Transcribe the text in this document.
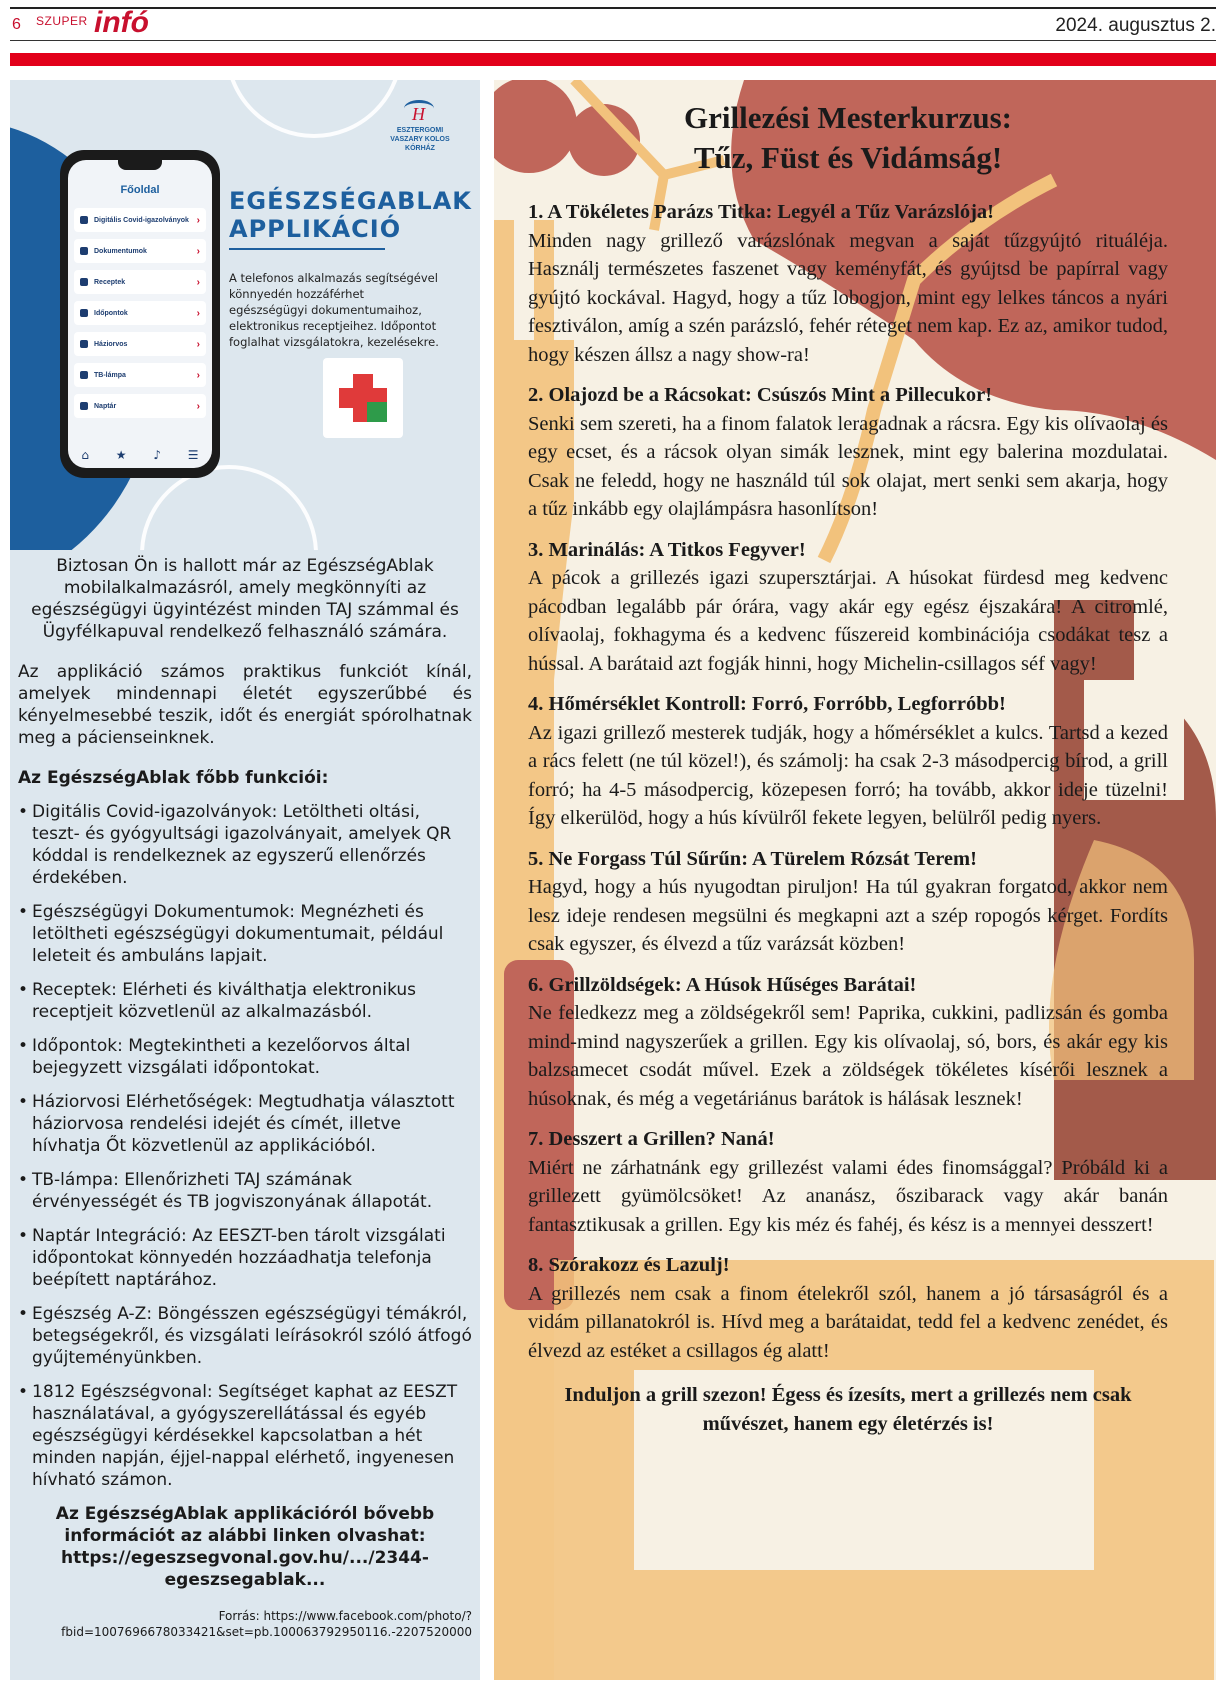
6 SZUPER infó	2024. augusztus 2.
Főoldal
Digitális Covid-igazolványok ›
Dokumentumok	›
Receptek	›
Időpontok	›
Háziorvos	›
TB-lámpa	›
Naptár	›
⌂ ★ ♪ ☰
H
ESZTERGOMI
VASZARY KOLOS
KÓRHÁZ
EGÉSZSÉGABLAK
APPLIKÁCIÓ
A telefonos alkalmazás segítségével könnyedén hozzáférhet egészségügyi dokumentumaihoz, elektronikus receptjeihez. Időpontot foglalhat vizsgálatokra, kezelésekre.

Biztosan Ön is hallott már az EgészségAblak mobilalkalmazásról, amely megkönnyíti az egészségügyi ügyintézést minden TAJ számmal és Ügyfélkapuval rendelkező felhasználó számára.

Az applikáció számos praktikus funkciót kínál, amelyek mindennapi életét egyszerűbbé és kényelmesebbé teszik, időt és energiát spórolhatnak meg a pácienseinknek.

Az EgészségAblak főbb funkciói:

• Digitális Covid-igazolványok: Letöltheti oltási, teszt- és gyógyultsági igazolványait, amelyek QR kóddal is rendelkeznek az egyszerű ellenőrzés érdekében.
• Egészségügyi Dokumentumok: Megnézheti és letöltheti egészségügyi dokumentumait, például leleteit és ambuláns lapjait.
• Receptek: Elérheti és kiválthatja elektronikus receptjeit közvetlenül az alkalmazásból.
• Időpontok: Megtekintheti a kezelőorvos által bejegyzett vizsgálati időpontokat.
• Háziorvosi Elérhetőségek: Megtudhatja választott háziorvosa rendelési idejét és címét, illetve hívhatja Őt közvetlenül az applikációból.
• TB-lámpa: Ellenőrizheti TAJ számának érvényességét és TB jogviszonyának állapotát.
• Naptár Integráció: Az EESZT-ben tárolt vizsgálati időpontokat könnyedén hozzáadhatja telefonja beépített naptárához.
• Egészség A-Z: Böngésszen egészségügyi témákról, betegségekről, és vizsgálati leírásokról szóló átfogó gyűjteményünkben.
• 1812 Egészségvonal: Segítséget kaphat az EESZT használatával, a gyógyszerellátással és egyéb egészségügyi kérdésekkel kapcsolatban a hét minden napján, éjjel-nappal elérhető, ingyenesen hívható számon.

Az EgészségAblak applikációról bővebb információt az alábbi linken olvashat: https://egeszsegvonal.gov.hu/.../2344-egeszsegablak...

Forrás: https://www.facebook.com/photo/?fbid=1007696678033421&set=pb.100063792950116.-2207520000
Grillezési Mesterkurzus:
Tűz, Füst és Vidámság!
1. A Tökéletes Parázs Titka: Legyél a Tűz Varázslója!
Minden nagy grillező varázslónak megvan a saját tűzgyújtó rituáléja. Használj természetes faszenet vagy keményfát, és gyújtsd be papírral vagy gyújtó kockával. Hagyd, hogy a tűz lobogjon, mint egy lelkes táncos a nyári fesztiválon, amíg a szén parázsló, fehér réteget nem kap. Ez az, amikor tudod, hogy készen állsz a nagy show-ra!
2. Olajozd be a Rácsokat: Csúszós Mint a Pillecukor!
Senki sem szereti, ha a finom falatok leragadnak a rácsra. Egy kis olívaolaj és egy ecset, és a rácsok olyan simák lesznek, mint egy balerina mozdulatai. Csak ne feledd, hogy ne használd túl sok olajat, mert senki sem akarja, hogy a tűz inkább egy olajlámpásra hasonlítson!
3. Marinálás: A Titkos Fegyver!
A pácok a grillezés igazi szupersztárjai. A húsokat fürdesd meg kedvenc pácodban legalább pár órára, vagy akár egy egész éjszakára! A citromlé, olívaolaj, fokhagyma és a kedvenc fűszereid kombinációja csodákat tesz a hússal. A barátaid azt fogják hinni, hogy Michelin-csillagos séf vagy!
4. Hőmérséklet Kontroll: Forró, Forróbb, Legforróbb!
Az igazi grillező mesterek tudják, hogy a hőmérséklet a kulcs. Tartsd a kezed a rács felett (ne túl közel!), és számolj: ha csak 2-3 másodpercig bírod, a grill forró; ha 4-5 másodpercig, közepesen forró; ha tovább, akkor ideje tüzelni! Így elkerülöd, hogy a hús kívülről fekete legyen, belülről pedig nyers.
5. Ne Forgass Túl Sűrűn: A Türelem Rózsát Terem!
Hagyd, hogy a hús nyugodtan piruljon! Ha túl gyakran forgatod, akkor nem lesz ideje rendesen megsülni és megkapni azt a szép ropogós kérget. Fordíts csak egyszer, és élvezd a tűz varázsát közben!
6. Grillzöldségek: A Húsok Hűséges Barátai!
Ne feledkezz meg a zöldségekről sem! Paprika, cukkini, padlizsán és gomba mind-mind nagyszerűek a grillen. Egy kis olívaolaj, só, bors, és akár egy kis balzsamecet csodát művel. Ezek a zöldségek tökéletes kísérői lesznek a húsoknak, és még a vegetáriánus barátok is hálásak lesznek!
7. Desszert a Grillen? Naná!
Miért ne zárhatnánk egy grillezést valami édes finomsággal? Próbáld ki a grillezett gyümölcsöket! Az ananász, őszibarack vagy akár banán fantasztikusak a grillen. Egy kis méz és fahéj, és kész is a mennyei desszert!
8. Szórakozz és Lazulj!
A grillezés nem csak a finom ételekről szól, hanem a jó társaságról és a vidám pillanatokról is. Hívd meg a barátaidat, tedd fel a kedvenc zenédet, és élvezd az estéket a csillagos ég alatt!
Induljon a grill szezon! Égess és ízesíts, mert a grillezés nem csak művészet, hanem egy életérzés is!
